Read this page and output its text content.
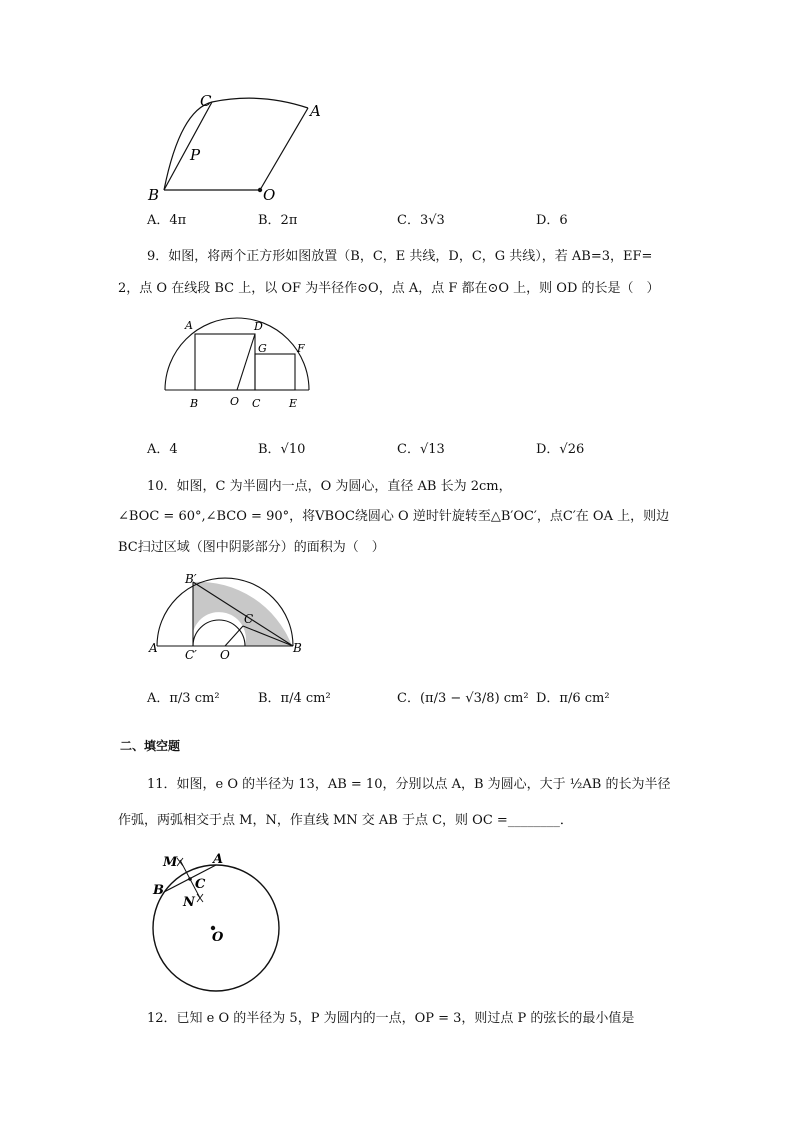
C
A
P
B	O
A．4π	B．2π	C．3√3	D．6
9．如图，将两个正方形如图放置（B，C，E 共线，D，C，G 共线），若 AB=3，EF=
2，点 O 在线段 BC 上，以 OF 为半径作⊙O，点 A，点 F 都在⊙O 上，则 OD 的长是（　）
A	D
G	F
B	O C	E
A．4	B．√10	C．√13	D．√26
10．如图，C 为半圆内一点，O 为圆心，直径 AB 长为 2cm，
∠BOC = 60°,∠BCO = 90°，将VBOC绕圆心 O 逆时针旋转至△B′OC′，点C′在 OA 上，则边
BC扫过区域（图中阴影部分）的面积为（　）
B′
C
A C′ O	B
A．π/3 cm²	B．π/4 cm²	C．(π/3 − √3/8) cm² D．π/6 cm²
二、填空题
11．如图，e O 的半径为 13，AB = 10，分别以点 A，B 为圆心，大于 ½AB 的长为半径
作弧，两弧相交于点 M，N，作直线 MN 交 AB 于点 C，则 OC =________．
M	A
B C
N
O
12．已知 e O 的半径为 5，P 为圆内的一点，OP = 3，则过点 P 的弦长的最小值是
